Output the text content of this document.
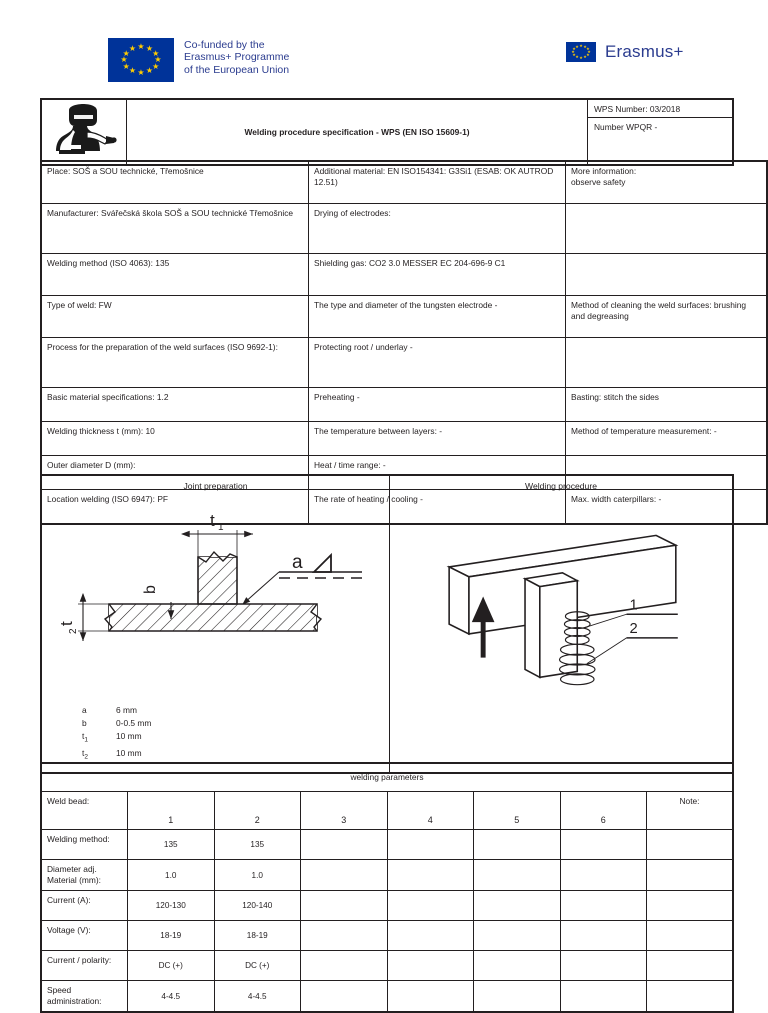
★ ★
★
★
★
★
★
★
★
★
★
★	Co-funded by the
Erasmus+ Programme
of the European Union
★ ★ ★
★
★
★
★
★
★
★
★ ★ Erasmus+
	Welding procedure specification - WPS (EN ISO 15609-1)	
WPS Number: 03/2018
Number WPQR -
Place: SOŠ a SOU technické, Třemošnice	Additional material: EN ISO154341: G3Si1 (ESAB: OK AUTROD 12.51)	More information:
observe safety
Manufacturer: Svářečská škola SOŠ a SOU technické Třemošnice	Drying of electrodes:	
Welding method (ISO 4063): 135	Shielding gas: CO2 3.0 MESSER EC 204-696-9 C1	
Type of weld: FW	The type and diameter of the tungsten electrode -	Method of cleaning the weld surfaces: brushing and degreasing
Process for the preparation of the weld surfaces (ISO 9692-1):	Protecting root / underlay -	
Basic material specifications: 1.2	Preheating -	Basting: stitch the sides
Welding thickness t (mm): 10	The temperature between layers: -	Method of temperature measurement: -
Outer diameter D (mm):	Heat / time range: -	
Location welding (ISO 6947): PF	The rate of heating / cooling -	Max. width caterpillars: -
Joint preparation
t 1
b
t
2
a
a	6 mm
b	0-0.5 mm
$t_1$	10 mm
$t_2$	10 mm

Welding procedure
1
2
welding parameters							
Weld bead:	1	2	3	4	5	6	Note:
Welding method:	135	135					
Diameter adj. Material (mm):	1.0	1.0					
Current (A):	120-130	120-140					
Voltage (V):	18-19	18-19					
Current / polarity:	DC (+)	DC (+)					
Speed administration:	4-4.5	4-4.5					
